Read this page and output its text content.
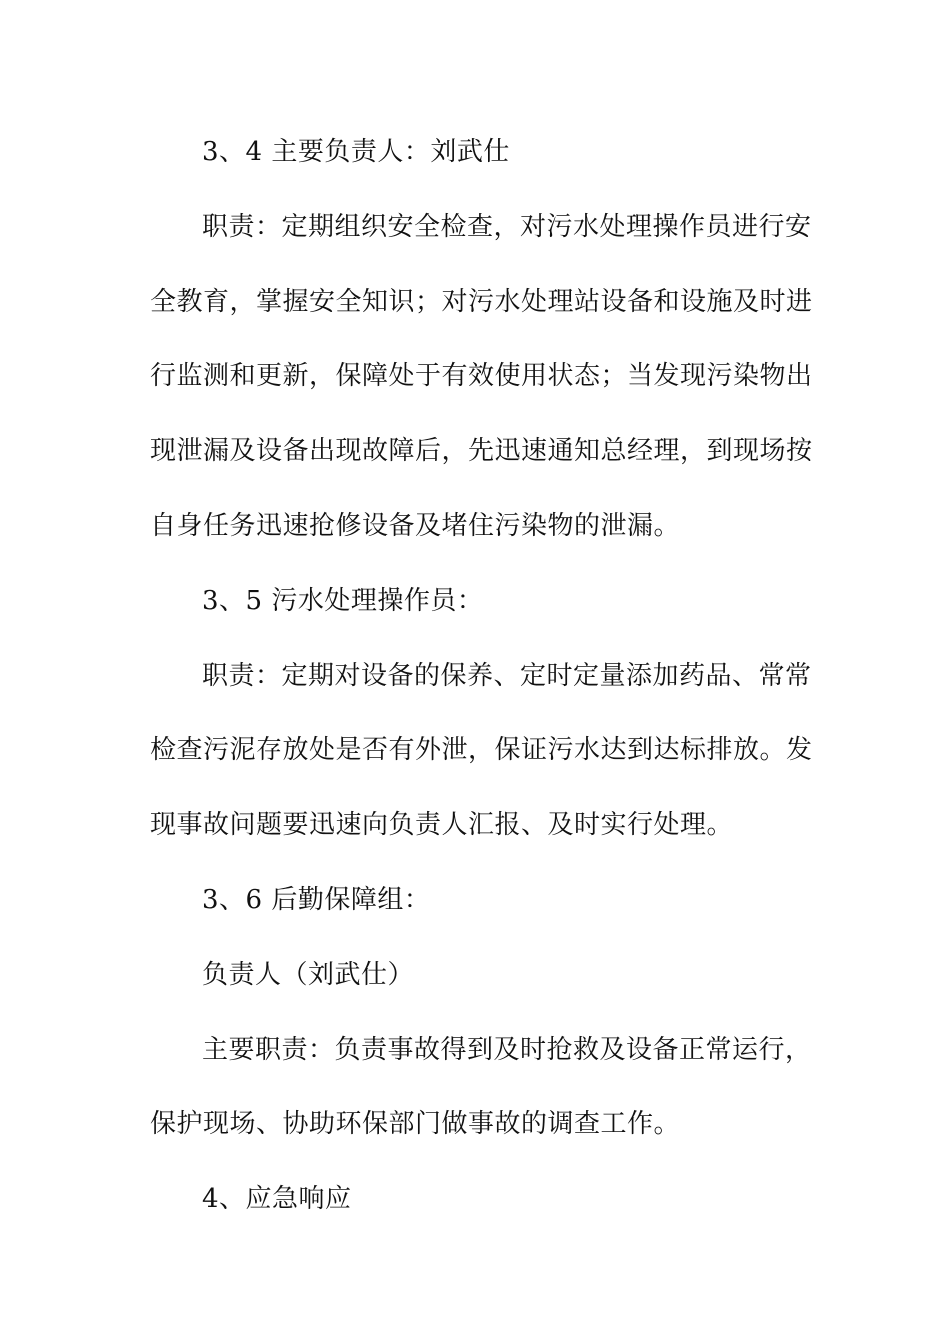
3、4 主要负责人：刘武仕
职责：定期组织安全检查，对污水处理操作员进行安
全教育，掌握安全知识；对污水处理站设备和设施及时进
行监测和更新，保障处于有效使用状态；当发现污染物出
现泄漏及设备出现故障后，先迅速通知总经理，到现场按
自身任务迅速抢修设备及堵住污染物的泄漏。
3、5 污水处理操作员：
职责：定期对设备的保养、定时定量添加药品、常常
检查污泥存放处是否有外泄，保证污水达到达标排放。发
现事故问题要迅速向负责人汇报、及时实行处理。
3、6 后勤保障组：
负责人（刘武仕）
主要职责：负责事故得到及时抢救及设备正常运行，
保护现场、协助环保部门做事故的调查工作。
4、应急响应
